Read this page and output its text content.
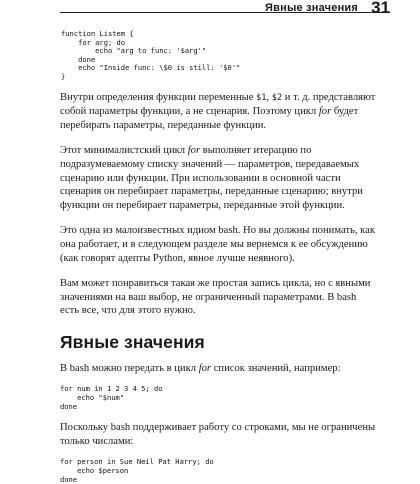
Явные значения 31
function Listem {
for arg; do
echo "arg to func: '$arg'"
done
echo "Inside func: \$0 is still: '$0'"
}

Внутри определения функции переменные $1, $2 и т. д. представляют собой параметры функции, а не сценария. Поэтому цикл for будет перебирать параметры, переданные функции.

Этот минималистский цикл for выполняет итерацию по подразумеваемому списку значений — параметров, передаваемых сценарию или функции. При использовании в основной части сценария он перебирает параметры, переданные сценарию; внутри функции он перебирает параметры, переданные этой функции.

Это одна из малоизвестных идиом bash. Но вы должны понимать, как она работает, и в следующем разделе мы вернемся к ее обсуждению (как говорят адепты Python, явное лучше неявного).

Вам может понравиться такая же простая запись цикла, но с явными значениями на ваш выбор, не ограниченный параметрами. В bash есть все, что для этого нужно.

Явные значения

В bash можно передать в цикл for список значений, например:

for num in 1 2 3 4 5; do
echo "$num"
done

Поскольку bash поддерживает работу со строками, мы не ограничены только числами:

for person in Sue Neil Pat Harry; do
echo $person
done
